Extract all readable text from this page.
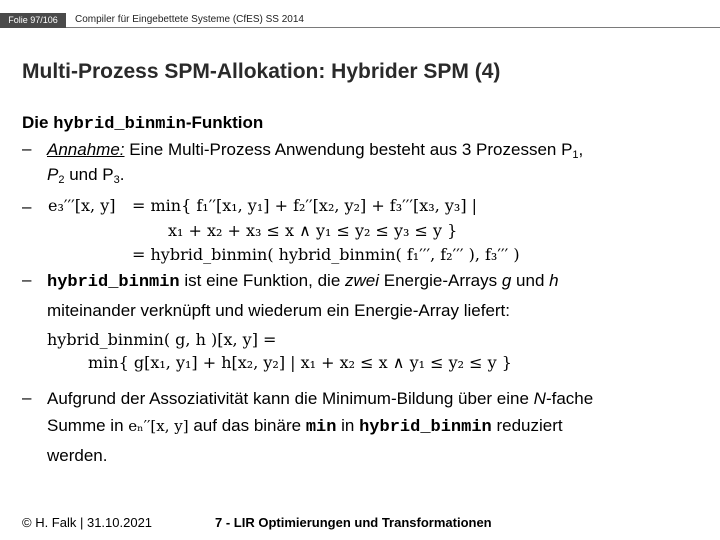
Folie 97/106	Compiler für Eingebettete Systeme (CfES) SS 2014
Multi-Prozess SPM-Allokation: Hybrider SPM (4)
Die hybrid_binmin-Funktion
– Annahme: Eine Multi-Prozess Anwendung besteht aus 3 Prozessen $P_1$,
$P_2$ und $P_3$.
– e₃′′′[x, y] = min{ f₁′′[x₁, y₁] + f₂′′[x₂, y₂] + f₃′′′[x₃, y₃] |
x₁ + x₂ + x₃ ≤ x ∧ y₁ ≤ y₂ ≤ y₃ ≤ y }
= hybrid_binmin( hybrid_binmin( f₁′′′, f₂′′′ ), f₃′′′ )
– hybrid_binmin ist eine Funktion, die zwei Energie-Arrays g und h
miteinander verknüpft und wiederum ein Energie-Array liefert:
hybrid_binmin( g, h )[x, y] =
min{ g[x₁, y₁] + h[x₂, y₂] | x₁ + x₂ ≤ x ∧ y₁ ≤ y₂ ≤ y }
– Aufgrund der Assoziativität kann die Minimum-Bildung über eine N-fache
Summe in eₙ′′[x, y] auf das binäre min in hybrid_binmin reduziert
werden.
© H. Falk | 31.10.2021	7 - LIR Optimierungen und Transformationen
